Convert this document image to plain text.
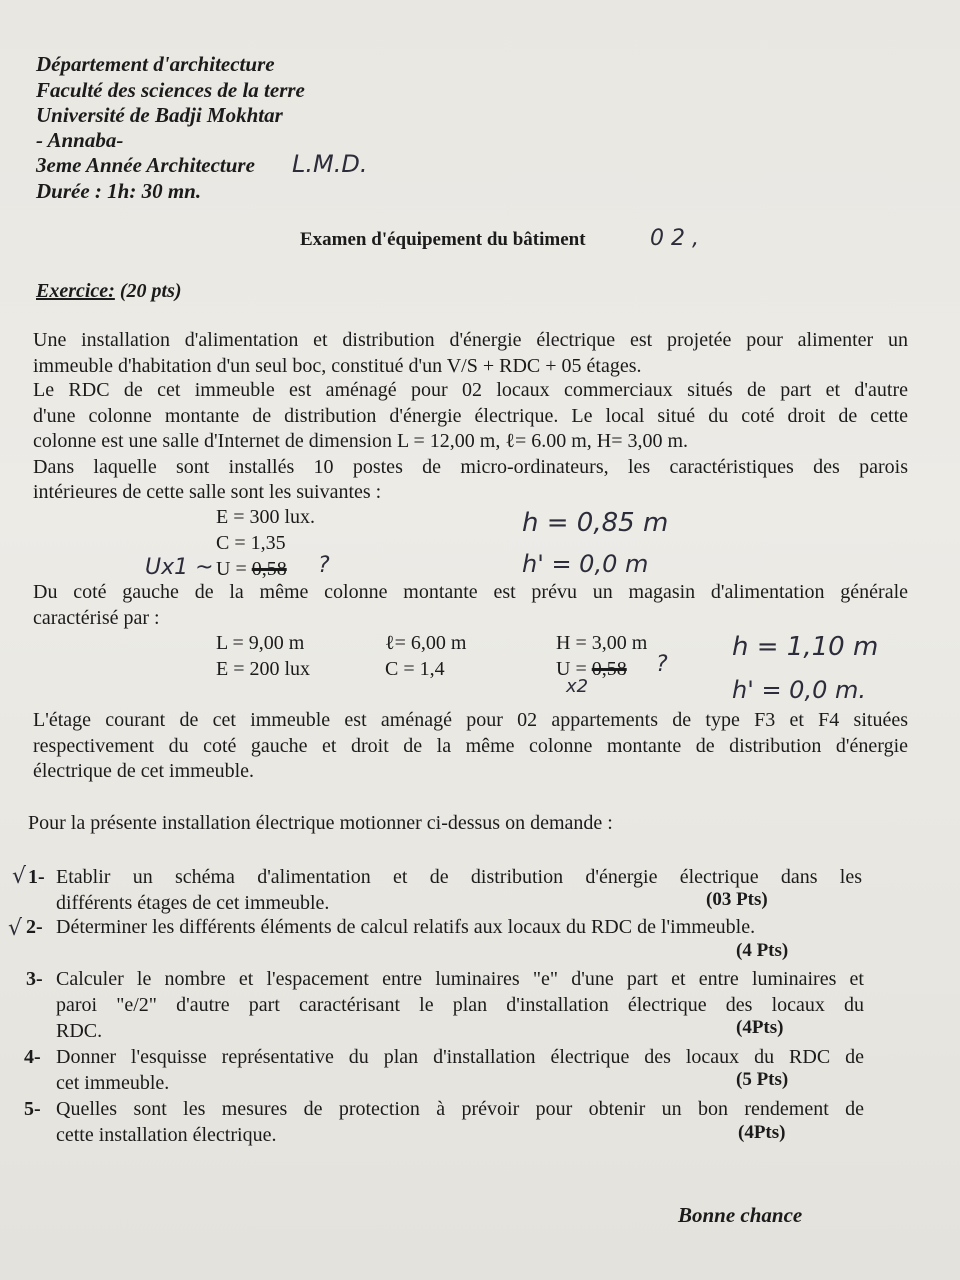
Département d'architecture
Faculté des sciences de la terre
Université de Badji Mokhtar
- Annaba-
3eme Année Architecture L.M.D.
Durée : 1h: 30 mn.
Examen d'équipement du bâtiment	0 2 ,
Exercice: (20 pts)
Une installation d'alimentation et distribution d'énergie électrique est projetée pour alimenter un
immeuble d'habitation d'un seul boc, constitué d'un V/S + RDC + 05 étages.
Le RDC de cet immeuble est aménagé pour 02 locaux commerciaux situés de part et d'autre
d'une colonne montante de distribution d'énergie électrique. Le local situé du coté droit de cette
colonne est une salle d'Internet de dimension L = 12,00 m, ℓ= 6.00 m, H= 3,00 m.
Dans laquelle sont installés 10 postes de micro-ordinateurs, les caractéristiques des parois
intérieures de cette salle sont les suivantes :
E = 300 lux.
C = 1,35
Ux1 ~ U = 0,58 ?
h = 0,85 m
h' = 0,0 m
Du coté gauche de la même colonne montante est prévu un magasin d'alimentation générale
caractérisé par :
L = 9,00 m	ℓ= 6,00 m	H = 3,00 m
E = 200 lux	C = 1,4	U = 0,58
x2
?
h = 1,10 m
h' = 0,0 m.
L'étage courant de cet immeuble est aménagé pour 02 appartements de type F3 et F4 situées
respectivement du coté gauche et droit de la même colonne montante de distribution d'énergie
électrique de cet immeuble.
Pour la présente installation électrique motionner ci-dessus on demande :
√ 1- Etablir un schéma d'alimentation et de distribution d'énergie électrique dans les
différents étages de cet immeuble.	(03 Pts)
√ 2- Déterminer les différents éléments de calcul relatifs aux locaux du RDC de l'immeuble.
(4 Pts)
3- Calculer le nombre et l'espacement entre luminaires "e" d'une part et entre luminaires et
paroi "e/2" d'autre part caractérisant le plan d'installation électrique des locaux du
RDC.	(4Pts)
4- Donner l'esquisse représentative du plan d'installation électrique des locaux du RDC de
cet immeuble.	(5 Pts)
5- Quelles sont les mesures de protection à prévoir pour obtenir un bon rendement de
cette installation électrique.	(4Pts)
Bonne chance
